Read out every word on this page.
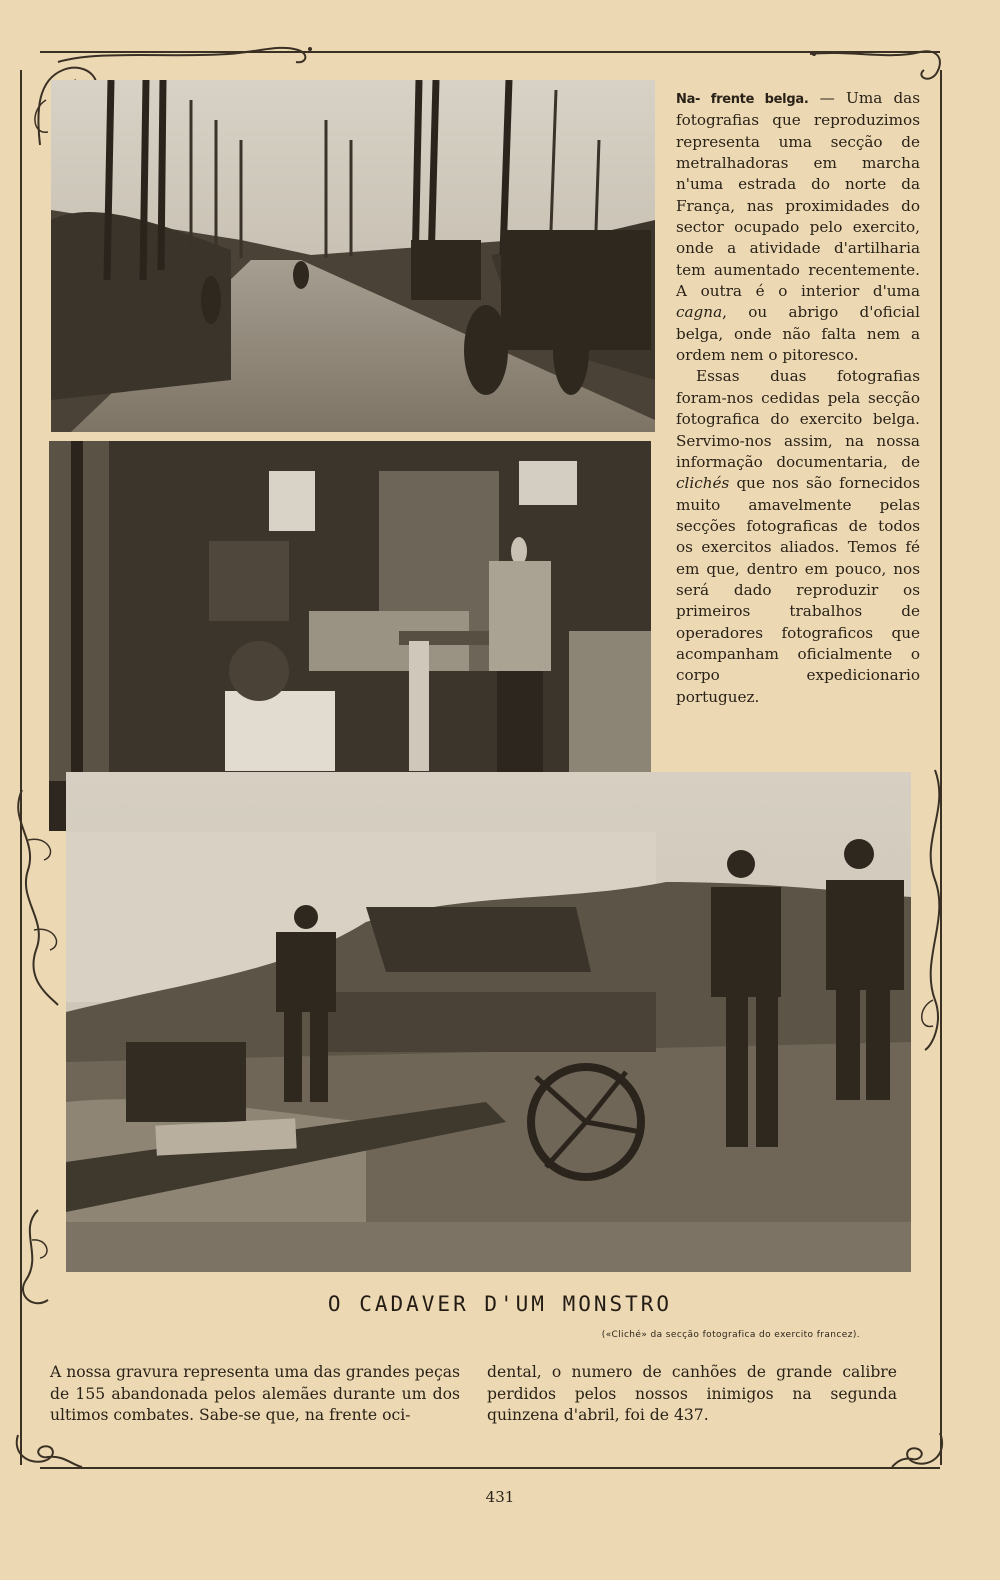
Na- frente belga. — Uma das fotografias que reproduzimos representa uma secção de metralhadoras em marcha n'uma estrada do norte da França, nas proximidades do sector ocupado pelo exercito, onde a atividade d'artilharia tem aumentado recentemente. A outra é o interior d'uma cagna, ou abrigo d'oficial belga, onde não falta nem a ordem nem o pitoresco.

Essas duas fotografias foram-nos cedidas pela secção fotografica do exercito belga. Servimo-nos assim, na nossa informação documentaria, de clichés que nos são fornecidos muito amavelmente pelas secções fotograficas de todos os exercitos aliados. Temos fé em que, dentro em pouco, nos será dado reproduzir os primeiros trabalhos de operadores fotograficos que acompanham oficialmente o corpo expedicionario portuguez.

O CADAVER D'UM MONSTRO
(«Cliché» da secção fotografica do exercito francez).
A nossa gravura representa uma das grandes peças de 155 abandonada pelos alemães durante um dos ultimos combates. Sabe-se que, na frente oci-
dental, o numero de canhões de grande calibre perdidos pelos nossos inimigos na segunda quinzena d'abril, foi de 437.
431
